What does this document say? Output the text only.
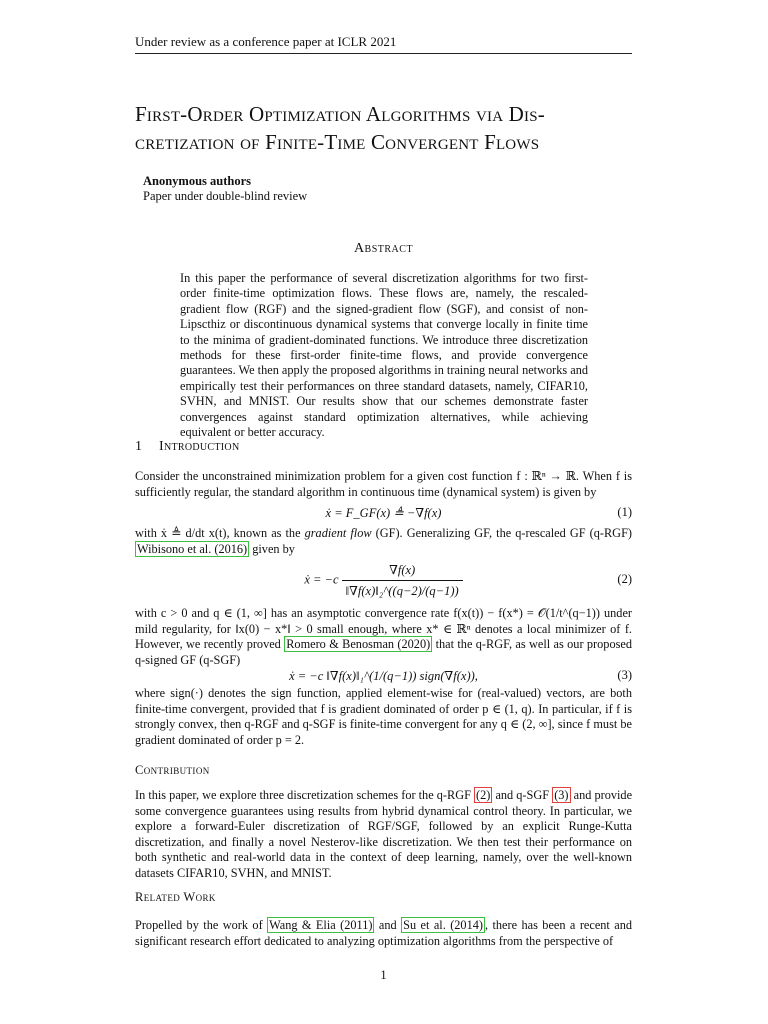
Under review as a conference paper at ICLR 2021
First-Order Optimization Algorithms via Dis-
cretization of Finite-Time Convergent Flows
Anonymous authors
Paper under double-blind review
Abstract
In this paper the performance of several discretization algorithms for two first-order finite-time optimization flows. These flows are, namely, the rescaled-gradient flow (RGF) and the signed-gradient flow (SGF), and consist of non-Lipscthiz or discontinuous dynamical systems that converge locally in finite time to the minima of gradient-dominated functions. We introduce three discretization methods for these first-order finite-time flows, and provide convergence guarantees. We then apply the proposed algorithms in training neural networks and empirically test their performances on three standard datasets, namely, CIFAR10, SVHN, and MNIST. Our results show that our schemes demonstrate faster convergences against standard optimization alternatives, while achieving equivalent or better accuracy.
1 Introduction
Consider the unconstrained minimization problem for a given cost function f : ℝⁿ → ℝ. When f is sufficiently regular, the standard algorithm in continuous time (dynamical system) is given by
ẋ = F_GF(x) ≜ −∇f(x)	(1)
with ẋ ≜ d/dt x(t), known as the gradient flow (GF). Generalizing GF, the q-rescaled GF (q-RGF) Wibisono et al. (2016) given by
ẋ = $-c \frac{\nabla f(x)}{\text{‖∇f(x)‖₂\textasciicircum{}((q−2)/(q−1))}}$	(2)
with c > 0 and q ∈ (1, ∞] has an asymptotic convergence rate f(x(t)) − f(x*) = 𝒪(1/t^(q−1)) under mild regularity, for ‖x(0) − x*‖ > 0 small enough, where x* ∈ ℝⁿ denotes a local minimizer of f. However, we recently proved Romero & Benosman (2020) that the q-RGF, as well as our proposed q-signed GF (q-SGF)
ẋ = −c ‖∇f(x)‖₁^(1/(q−1)) sign(∇f(x)),	(3)
where sign(·) denotes the sign function, applied element-wise for (real-valued) vectors, are both finite-time convergent, provided that f is gradient dominated of order p ∈ (1, q). In particular, if f is strongly convex, then q-RGF and q-SGF is finite-time convergent for any q ∈ (2, ∞], since f must be gradient dominated of order p = 2.
Contribution
In this paper, we explore three discretization schemes for the q-RGF (2) and q-SGF (3) and provide some convergence guarantees using results from hybrid dynamical control theory. In particular, we explore a forward-Euler discretization of RGF/SGF, followed by an explicit Runge-Kutta discretization, and finally a novel Nesterov-like discretization. We then test their performance on both synthetic and real-world data in the context of deep learning, namely, over the well-known datasets CIFAR10, SVHN, and MNIST.
Related Work
Propelled by the work of Wang & Elia (2011) and Su et al. (2014) , there has been a recent and significant research effort dedicated to analyzing optimization algorithms from the perspective of
1
